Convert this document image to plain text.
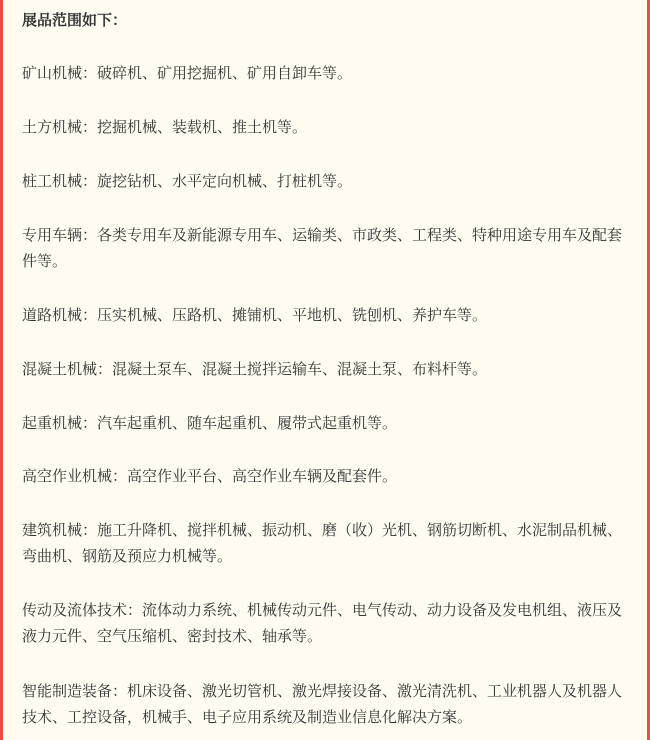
展品范围如下：

矿山机械：破碎机、矿用挖掘机、矿用自卸车等。

土方机械：挖掘机械、装载机、推土机等。

桩工机械：旋挖钻机、水平定向机械、打桩机等。

专用车辆：各类专用车及新能源专用车、运输类、市政类、工程类、特种用途专用车及配套件等。

道路机械：压实机械、压路机、摊铺机、平地机、铣刨机、养护车等。

混凝土机械：混凝土泵车、混凝土搅拌运输车、混凝土泵、布料杆等。

起重机械：汽车起重机、随车起重机、履带式起重机等。

高空作业机械：高空作业平台、高空作业车辆及配套件。

建筑机械：施工升降机、搅拌机械、振动机、磨（收）光机、钢筋切断机、水泥制品机械、弯曲机、钢筋及预应力机械等。

传动及流体技术：流体动力系统、机械传动元件、电气传动、动力设备及发电机组、液压及液力元件、空气压缩机、密封技术、轴承等。

智能制造装备：机床设备、激光切管机、激光焊接设备、激光清洗机、工业机器人及机器人技术、工控设备，机械手、电子应用系统及制造业信息化解决方案。
